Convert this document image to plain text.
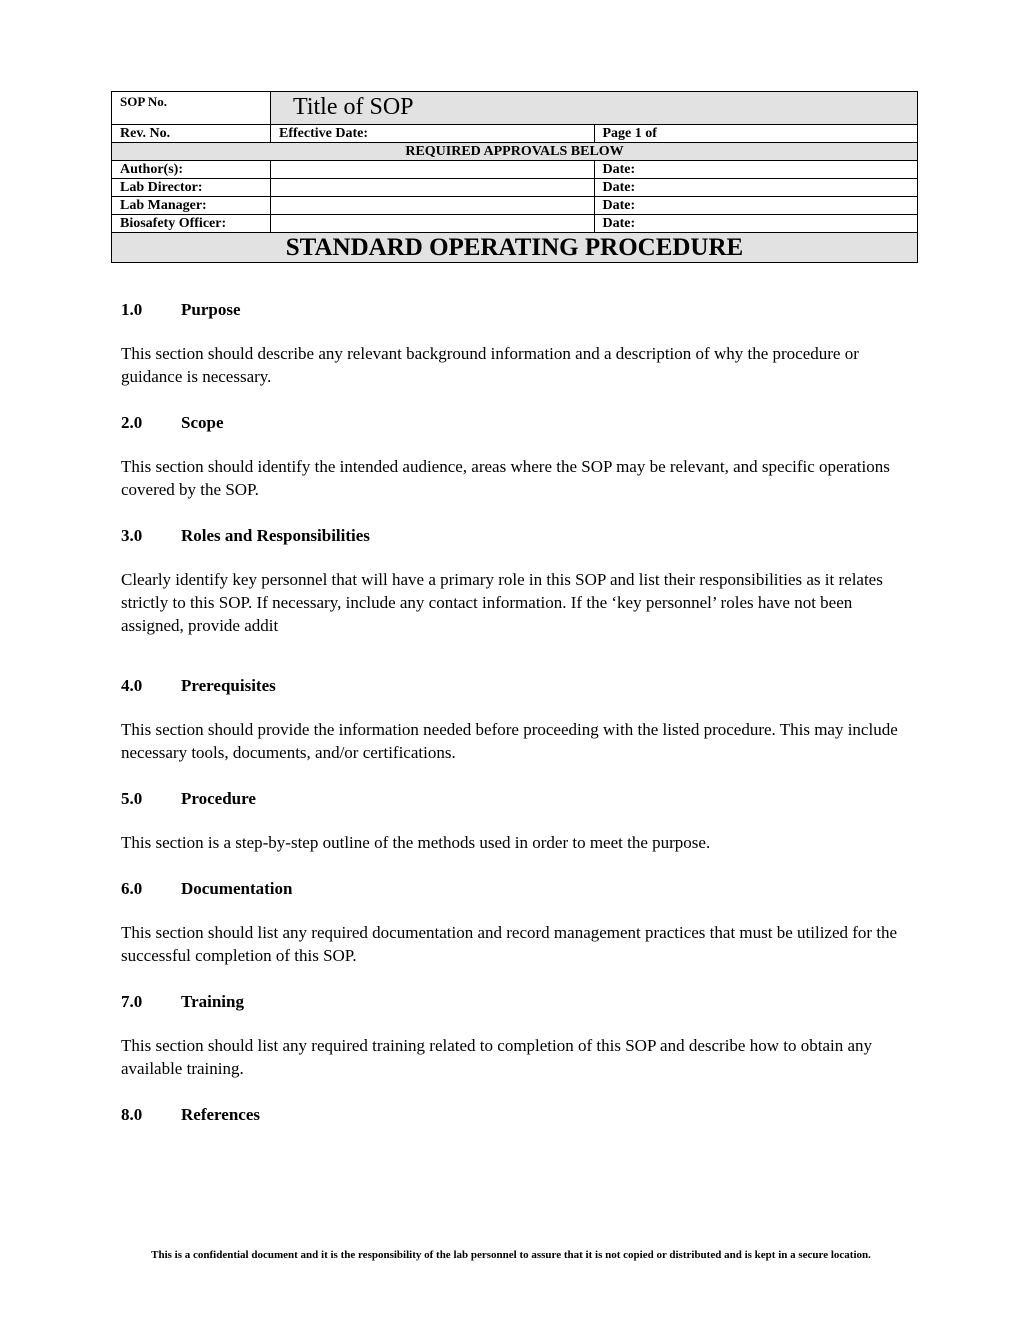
SOP No.	Title of SOP	
Rev. No.	Effective Date:	Page 1 of
REQUIRED APPROVALS BELOW		
Author(s):		Date:
Lab Director:		Date:
Lab Manager:		Date:
Biosafety Officer:		Date:
STANDARD OPERATING PROCEDURE		

1.0 Purpose

This section should describe any relevant background information and a description of why the procedure or guidance is necessary.

2.0 Scope

This section should identify the intended audience, areas where the SOP may be relevant, and specific operations covered by the SOP.

3.0 Roles and Responsibilities

Clearly identify key personnel that will have a primary role in this SOP and list their responsibilities as it relates strictly to this SOP. If necessary, include any contact information. If the ‘key personnel’ roles have not been assigned, provide addit

4.0 Prerequisites

This section should provide the information needed before proceeding with the listed procedure. This may include necessary tools, documents, and/or certifications.

5.0 Procedure

This section is a step-by-step outline of the methods used in order to meet the purpose.

6.0 Documentation

This section should list any required documentation and record management practices that must be utilized for the successful completion of this SOP.

7.0 Training

This section should list any required training related to completion of this SOP and describe how to obtain any available training.

8.0 References

This is a confidential document and it is the responsibility of the lab personnel to assure that it is not copied or distributed and is kept in a secure location.
